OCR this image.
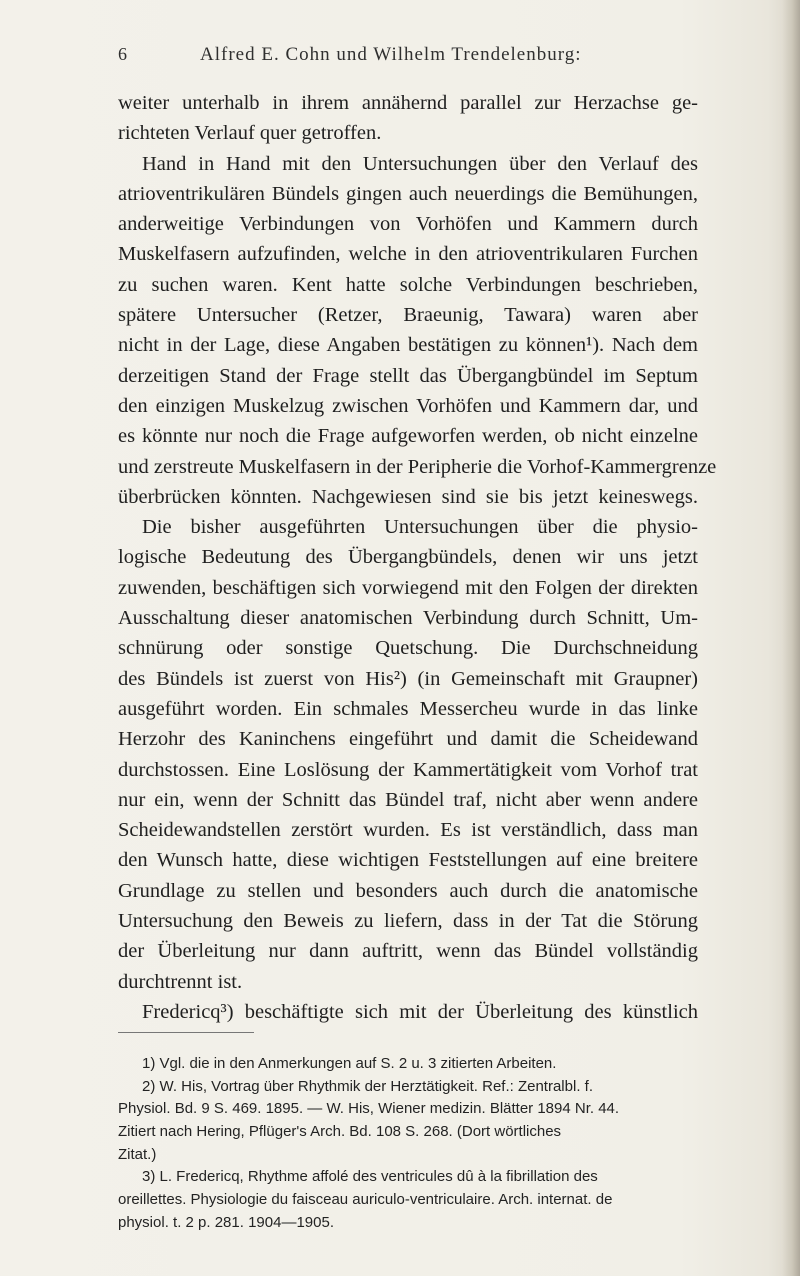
6	Alfred E. Cohn und Wilhelm Trendelenburg:
weiter unterhalb in ihrem annähernd parallel zur Herzachse ge-
richteten Verlauf quer getroffen.
Hand in Hand mit den Untersuchungen über den Verlauf des
atrioventrikulären Bündels gingen auch neuerdings die Bemühungen,
anderweitige Verbindungen von Vorhöfen und Kammern durch
Muskelfasern aufzufinden, welche in den atrioventrikularen Furchen
zu suchen waren. Kent hatte solche Verbindungen beschrieben,
spätere Untersucher (Retzer, Braeunig, Tawara) waren aber
nicht in der Lage, diese Angaben bestätigen zu können¹). Nach dem
derzeitigen Stand der Frage stellt das Übergangbündel im Septum
den einzigen Muskelzug zwischen Vorhöfen und Kammern dar, und
es könnte nur noch die Frage aufgeworfen werden, ob nicht einzelne
und zerstreute Muskelfasern in der Peripherie die Vorhof-Kammergrenze
überbrücken könnten. Nachgewiesen sind sie bis jetzt keineswegs.
Die bisher ausgeführten Untersuchungen über die physio-
logische Bedeutung des Übergangbündels, denen wir uns jetzt
zuwenden, beschäftigen sich vorwiegend mit den Folgen der direkten
Ausschaltung dieser anatomischen Verbindung durch Schnitt, Um-
schnürung oder sonstige Quetschung. Die Durchschneidung
des Bündels ist zuerst von His²) (in Gemeinschaft mit Graupner)
ausgeführt worden. Ein schmales Messercheu wurde in das linke
Herzohr des Kaninchens eingeführt und damit die Scheidewand
durchstossen. Eine Loslösung der Kammertätigkeit vom Vorhof trat
nur ein, wenn der Schnitt das Bündel traf, nicht aber wenn andere
Scheidewandstellen zerstört wurden. Es ist verständlich, dass man
den Wunsch hatte, diese wichtigen Feststellungen auf eine breitere
Grundlage zu stellen und besonders auch durch die anatomische
Untersuchung den Beweis zu liefern, dass in der Tat die Störung
der Überleitung nur dann auftritt, wenn das Bündel vollständig
durchtrennt ist.
Fredericq³) beschäftigte sich mit der Überleitung des künstlich
1) Vgl. die in den Anmerkungen auf S. 2 u. 3 zitierten Arbeiten.
2) W. His, Vortrag über Rhythmik der Herztätigkeit. Ref.: Zentralbl. f.
Physiol. Bd. 9 S. 469. 1895. — W. His, Wiener medizin. Blätter 1894 Nr. 44.
Zitiert nach Hering, Pflüger's Arch. Bd. 108 S. 268. (Dort wörtliches
Zitat.)
3) L. Fredericq, Rhythme affolé des ventricules dû à la fibrillation des
oreillettes. Physiologie du faisceau auriculo-ventriculaire. Arch. internat. de
physiol. t. 2 p. 281. 1904—1905.
